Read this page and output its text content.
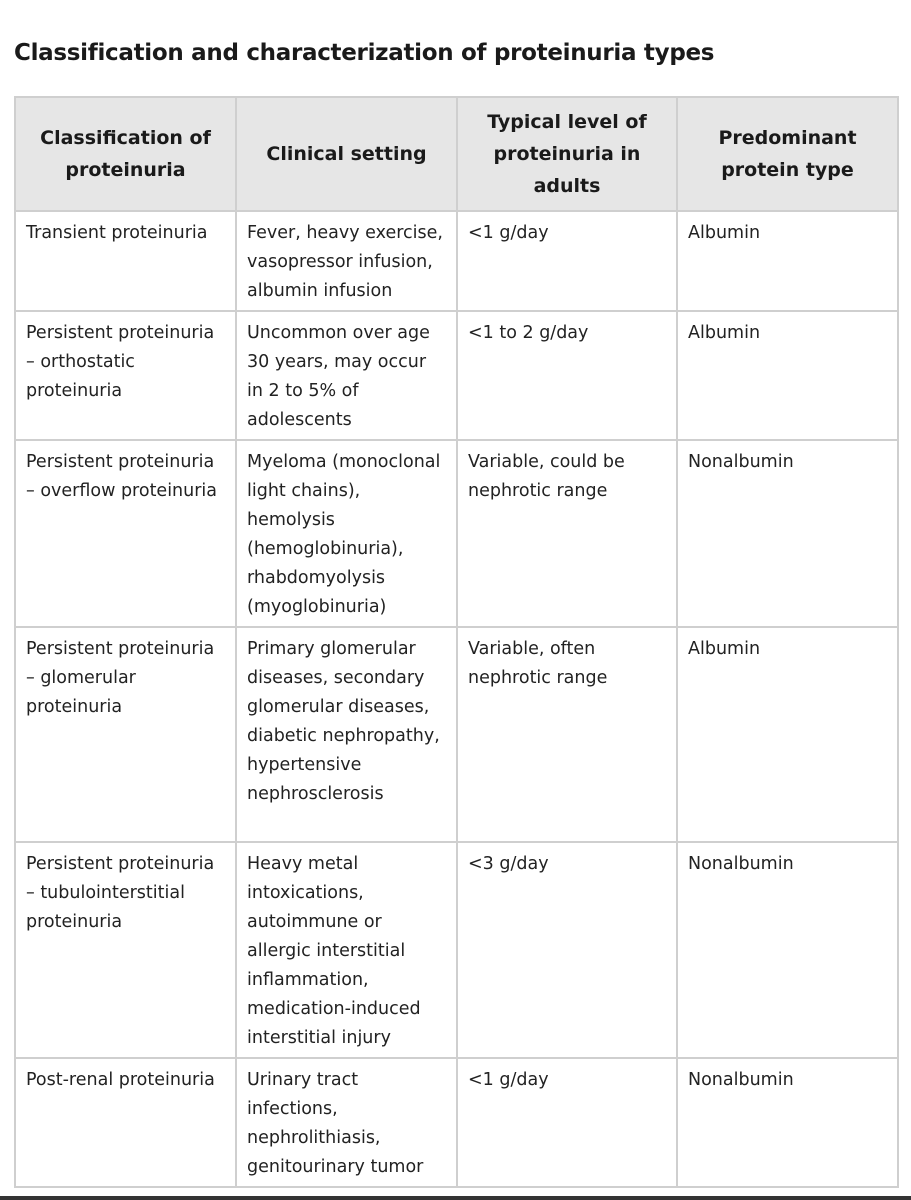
Classification and characterization of proteinuria types
Classification of proteinuria	Clinical setting	Typical level of proteinuria in adults	Predominant protein type
Transient proteinuria	Fever, heavy exercise, vasopressor infusion, albumin infusion	<1 g/day	Albumin
Persistent proteinuria – orthostatic proteinuria	Uncommon over age 30 years, may occur in 2 to 5% of adolescents	<1 to 2 g/day	Albumin
Persistent proteinuria – overflow proteinuria	Myeloma (monoclonal light chains), hemolysis (hemoglobinuria), rhabdomyolysis (myoglobinuria)	Variable, could be nephrotic range	Nonalbumin
Persistent proteinuria – glomerular proteinuria	Primary glomerular diseases, secondary glomerular diseases, diabetic nephropathy, hypertensive nephrosclerosis	Variable, often nephrotic range	Albumin
Persistent proteinuria – tubulointerstitial proteinuria	Heavy metal intoxications, autoimmune or allergic interstitial inflammation, medication-induced interstitial injury	<3 g/day	Nonalbumin
Post-renal proteinuria	Urinary tract infections, nephrolithiasis, genitourinary tumor	<1 g/day	Nonalbumin
